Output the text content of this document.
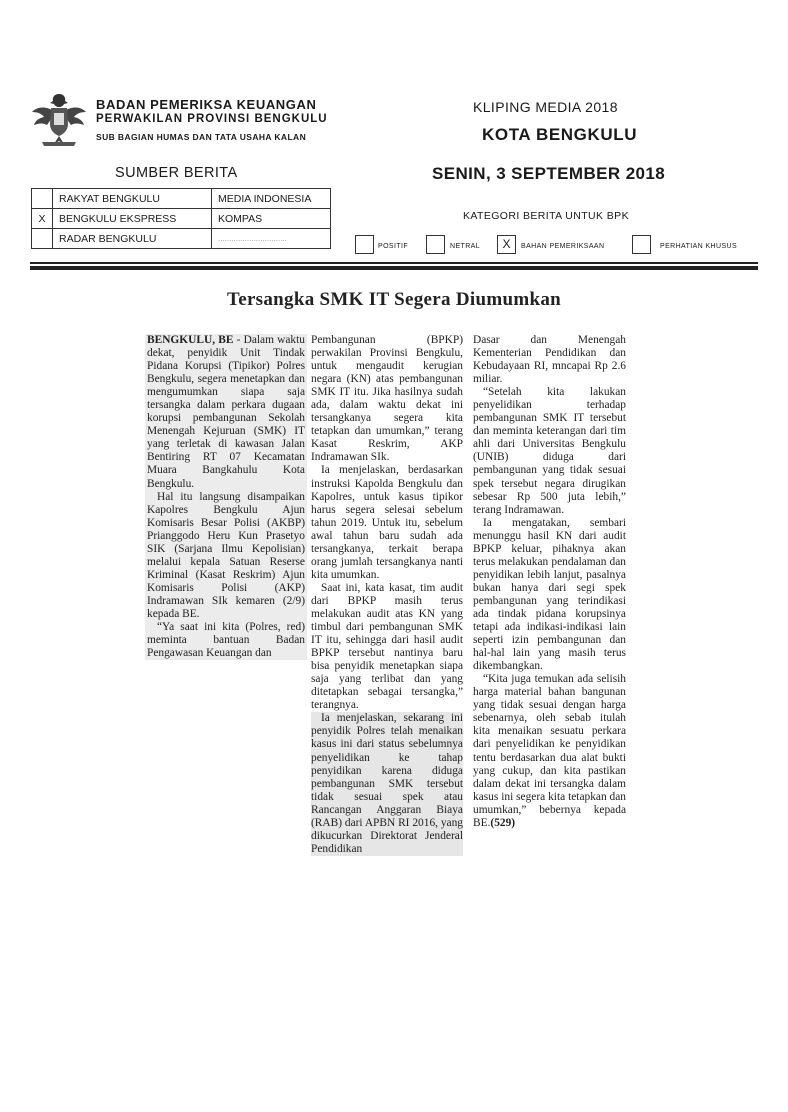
BADAN PEMERIKSA KEUANGAN
PERWAKILAN PROVINSI BENGKULU
SUB BAGIAN HUMAS DAN TATA USAHA KALAN
KLIPING MEDIA 2018
KOTA BENGKULU
SUMBER BERITA	SENIN, 3 SEPTEMBER 2018
	RAKYAT BENGKULU	MEDIA INDONESIA
X	BENGKULU EKSPRESS	KOMPAS
	RADAR BENGKULU	...............................
KATEGORI BERITA UNTUK BPK
POSITIF	NETRAL	X	BAHAN PEMERIKSAAN	PERHATIAN KHUSUS
Tersangka SMK IT Segera Diumumkan

BENGKULU, BE - Dalam waktu dekat, penyidik Unit Tindak Pidana Korupsi (Tipikor) Polres Bengkulu, segera menetapkan dan mengumumkan siapa saja tersangka dalam perkara dugaan korupsi pembangunan Sekolah Menengah Kejuruan (SMK) IT yang terletak di kawasan Jalan Bentiring RT 07 Kecamatan Muara Bangkahulu Kota Bengkulu.

Hal itu langsung disampaikan Kapolres Bengkulu Ajun Komisaris Besar Polisi (AKBP) Prianggodo Heru Kun Prasetyo SIK (Sarjana Ilmu Kepolisian) melalui kepala Satuan Reserse Kriminal (Kasat Reskrim) Ajun Komisaris Polisi (AKP) Indramawan SIk kemaren (2/9) kepada BE.

“Ya saat ini kita (Polres, red) meminta bantuan Badan Pengawasan Keuangan dan

Pembangunan (BPKP) perwakilan Provinsi Bengkulu, untuk mengaudit kerugian negara (KN) atas pembangunan SMK IT itu. Jika hasilnya sudah ada, dalam waktu dekat ini tersangkanya segera kita tetapkan dan umumkan,” terang Kasat Reskrim, AKP Indramawan SIk.

Ia menjelaskan, berdasarkan instruksi Kapolda Bengkulu dan Kapolres, untuk kasus tipikor harus segera selesai sebelum tahun 2019. Untuk itu, sebelum awal tahun baru sudah ada tersangkanya, terkait berapa orang jumlah tersangkanya nanti kita umumkan.

Saat ini, kata kasat, tim audit dari BPKP masih terus melakukan audit atas KN yang timbul dari pembangunan SMK IT itu, sehingga dari hasil audit BPKP tersebut nantinya baru bisa penyidik menetapkan siapa saja yang terlibat dan yang ditetapkan sebagai tersangka,” terangnya.

Ia menjelaskan, sekarang ini penyidik Polres telah menaikan kasus ini dari status sebelumnya penyelidikan ke tahap penyidikan karena diduga pembangunan SMK tersebut tidak sesuai spek atau Rancangan Anggaran Biaya (RAB) dari APBN RI 2016, yang dikucurkan Direktorat Jenderal Pendidikan

Dasar dan Menengah Kementerian Pendidikan dan Kebudayaan RI, mncapai Rp 2.6 miliar.

“Setelah kita lakukan penyelidikan terhadap pembangunan SMK IT tersebut dan meminta keterangan dari tim ahli dari Universitas Bengkulu (UNIB) diduga dari pembangunan yang tidak sesuai spek tersebut negara dirugikan sebesar Rp 500 juta lebih,” terang Indramawan.

Ia mengatakan, sembari menunggu hasil KN dari audit BPKP keluar, pihaknya akan terus melakukan pendalaman dan penyidikan lebih lanjut, pasalnya bukan hanya dari segi spek pembangunan yang terindikasi ada tindak pidana korupsinya tetapi ada indikasi-indikasi lain seperti izin pembangunan dan hal-hal lain yang masih terus dikembangkan.

“Kita juga temukan ada selisih harga material bahan bangunan yang tidak sesuai dengan harga sebenarnya, oleh sebab itulah kita menaikan sesuatu perkara dari penyelidikan ke penyidikan tentu berdasarkan dua alat bukti yang cukup, dan kita pastikan dalam dekat ini tersangka dalam kasus ini segera kita tetapkan dan umumkan,” bebernya kepada BE.(529)
